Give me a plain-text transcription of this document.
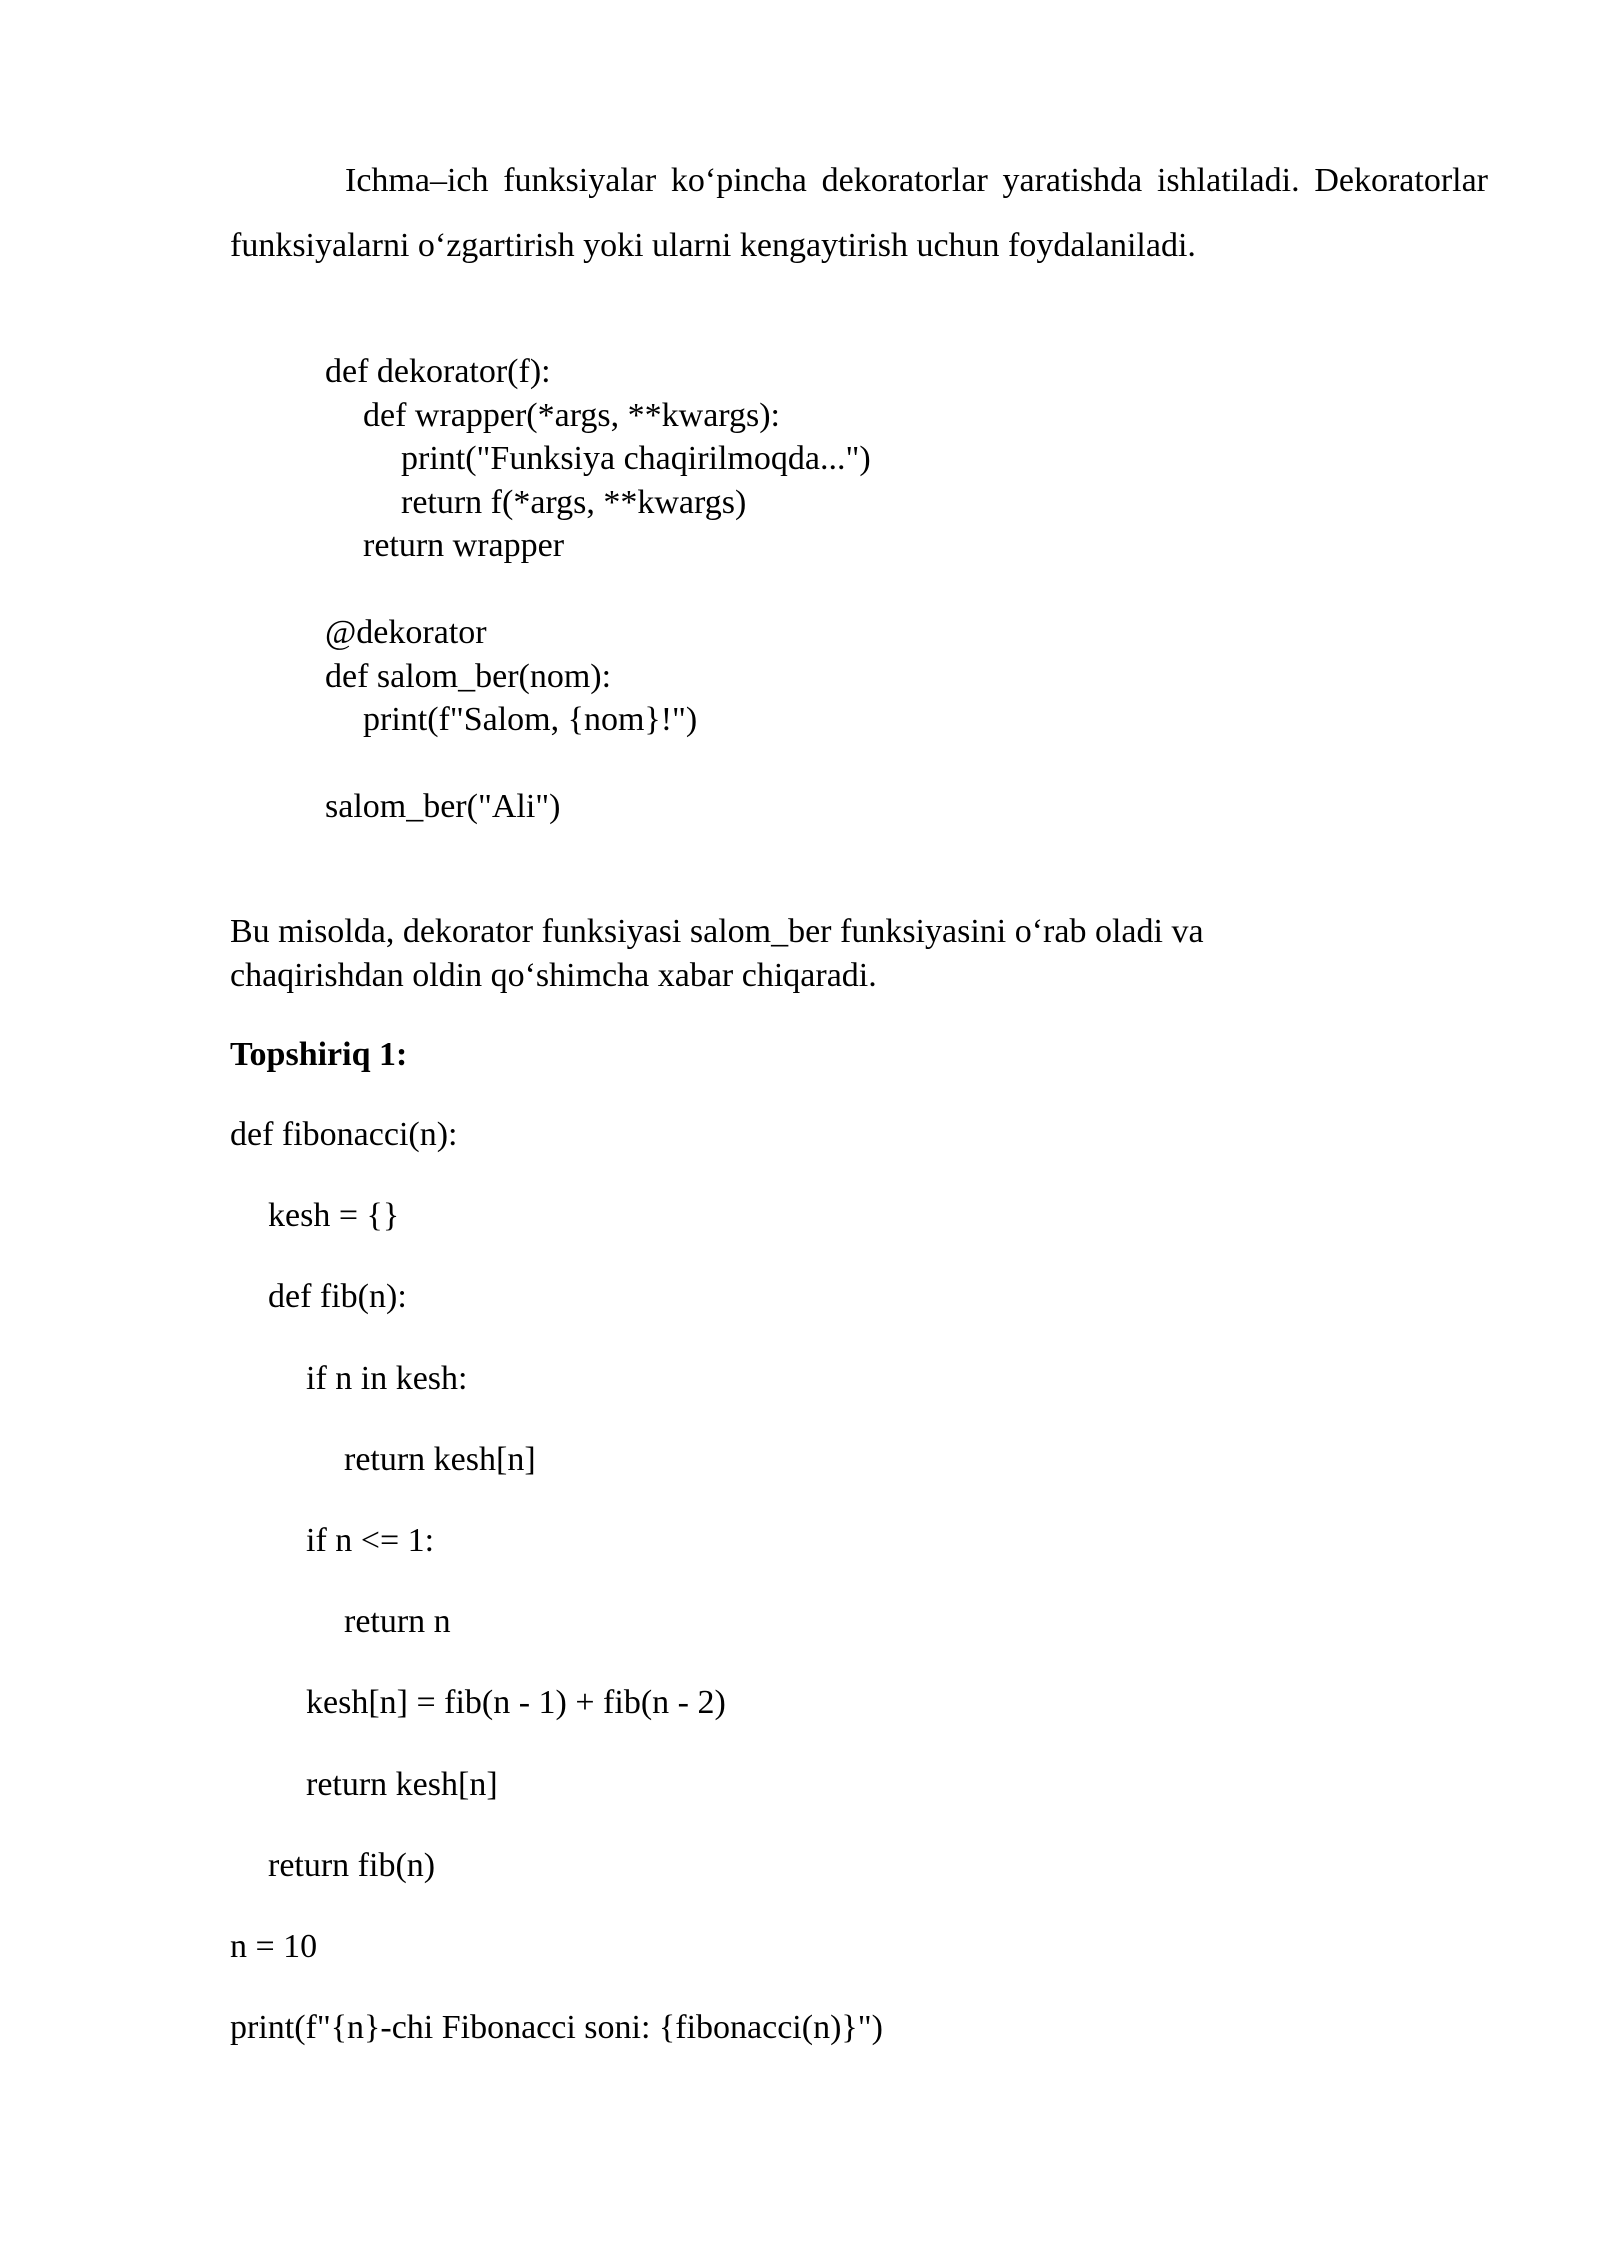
Ichma–ich funksiyalar ko‘pincha dekoratorlar yaratishda ishlatiladi. Dekoratorlar funksiyalarni o‘zgartirish yoki ularni kengaytirish uchun foydalaniladi.

def dekorator(f):
def wrapper(*args, **kwargs):
print("Funksiya chaqirilmoqda...")
return f(*args, **kwargs)
return wrapper
@dekorator
def salom_ber(nom):
print(f"Salom, {nom}!")
salom_ber("Ali")
Bu misolda, dekorator funksiyasi salom_ber funksiyasini o‘rab oladi va
chaqirishdan oldin qo‘shimcha xabar chiqaradi.
Topshiriq 1:
def fibonacci(n):
kesh = {}
def fib(n):
if n in kesh:
return kesh[n]
if n <= 1:
return n
kesh[n] = fib(n - 1) + fib(n - 2)
return kesh[n]
return fib(n)
n = 10
print(f"{n}-chi Fibonacci soni: {fibonacci(n)}")
